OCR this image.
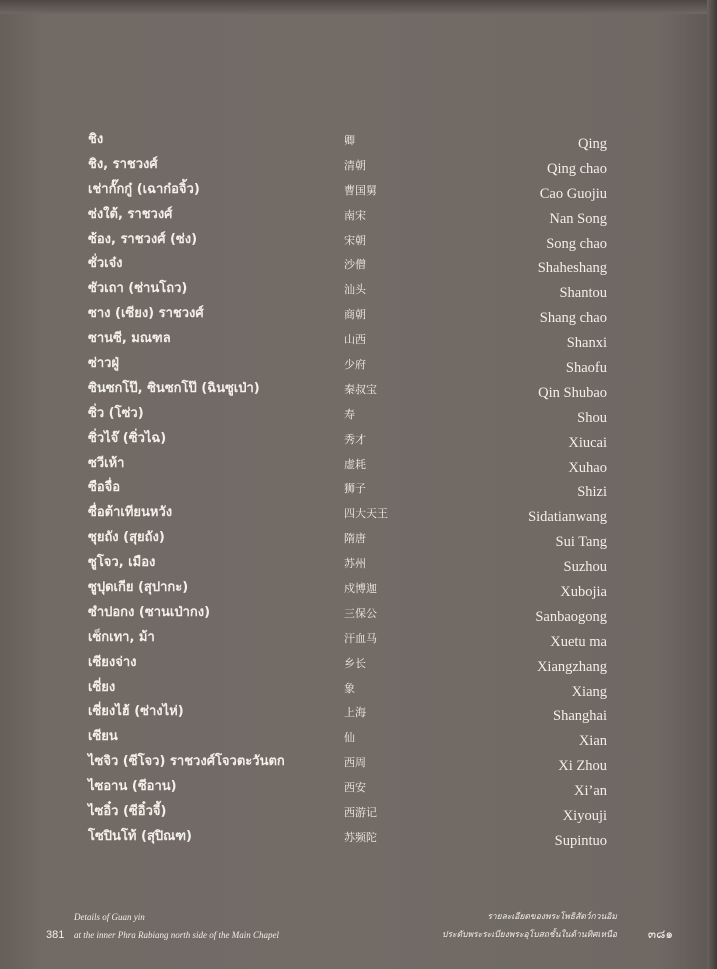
ชิง	卿	Qing
ชิง, ราชวงศ์	清朝	Qing chao
เช่ากั๊กกู๋ (เฉาก๋อจิ้ว)	曹国舅	Cao Guojiu
ซ่งใต้, ราชวงศ์	南宋	Nan Song
ซ้อง, ราชวงศ์ (ซ่ง)	宋朝	Song chao
ซั่วเจ๋ง	沙僧	Shaheshang
ซัวเถา (ซ่านโถว)	汕头	Shantou
ซาง (เซียง) ราชวงศ์	商朝	Shang chao
ซานซี, มณฑล	山西	Shanxi
ซ่าวฝู่	少府	Shaofu
ซินซกโป๊, ซินซกโป๊ (ฉินซูเป่า)	秦叔宝	Qin Shubao
ซิ่ว (โซ่ว)	寿	Shou
ซิ่วไจ๊ (ซิ่วไฉ)	秀才	Xiucai
ซวีเห้า	虚耗	Xuhao
ซือจื่อ	狮子	Shizi
ซื่อต้าเทียนหวัง	四大天王	Sidatianwang
ซุยถัง (สุยถัง)	隋唐	Sui Tang
ซูโจว, เมือง	苏州	Suzhou
ซูปุดเกีย (สุปากะ)	戍博迦	Xubojia
ซำปอกง (ซานเป่ากง)	三保公	Sanbaogong
เซ็กเทา, ม้า	汗血马	Xuetu ma
เซียงจ่าง	乡长	Xiangzhang
เซี่ยง	象	Xiang
เซี่ยงไฮ้ (ซ่างไห่)	上海	Shanghai
เซียน	仙	Xian
ไซจิว (ซีโจว) ราชวงศ์โจวตะวันตก	西周	Xi Zhou
ไซอาน (ซีอาน)	西安	Xi’an
ไซอิ๋ว (ซีอิ๋วจี้)	西游记	Xiyouji
โซปินโท้ (สุปิณฑ)	苏频陀	Supintuo
Details of Guan yin
381 at the inner Phra Rabiang north side of the Main Chapel
รายละเอียดของพระโพธิสัตว์กวนอิม
ประดับพระระเบียงพระอุโบสถชั้นในด้านทิศเหนือ	๓๘๑
